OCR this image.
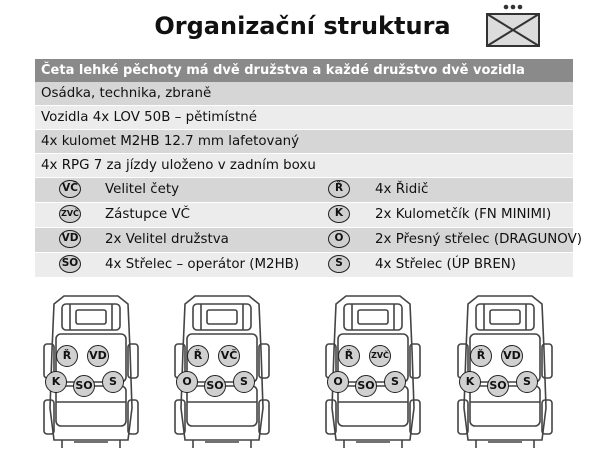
Organizační struktura
Četa lehké pěchoty má dvě družstva a každé družstvo dvě vozidla
Osádka, technika, zbraně
Vozidla 4x LOV 50B – pětimístné
4x kulomet M2HB 12.7 mm lafetovaný
4x RPG 7 za jízdy uloženo v zadním boxu
VČ Velitel čety	Ř	4x Řidič
ZVČ Zástupce VČ	K	2x Kulometčík (FN MINIMI)
VD 2x Velitel družstva	O	2x Přesný střelec (DRAGUNOV)
SO 4x Střelec – operátor (M2HB)	S	4x Střelec (ÚP BREN)
Ř	VD
K	SO	S
Ř	VČ
O	SO	S
Ř	ZVČ
O	SO	S
Ř	VD
K	SO	S
